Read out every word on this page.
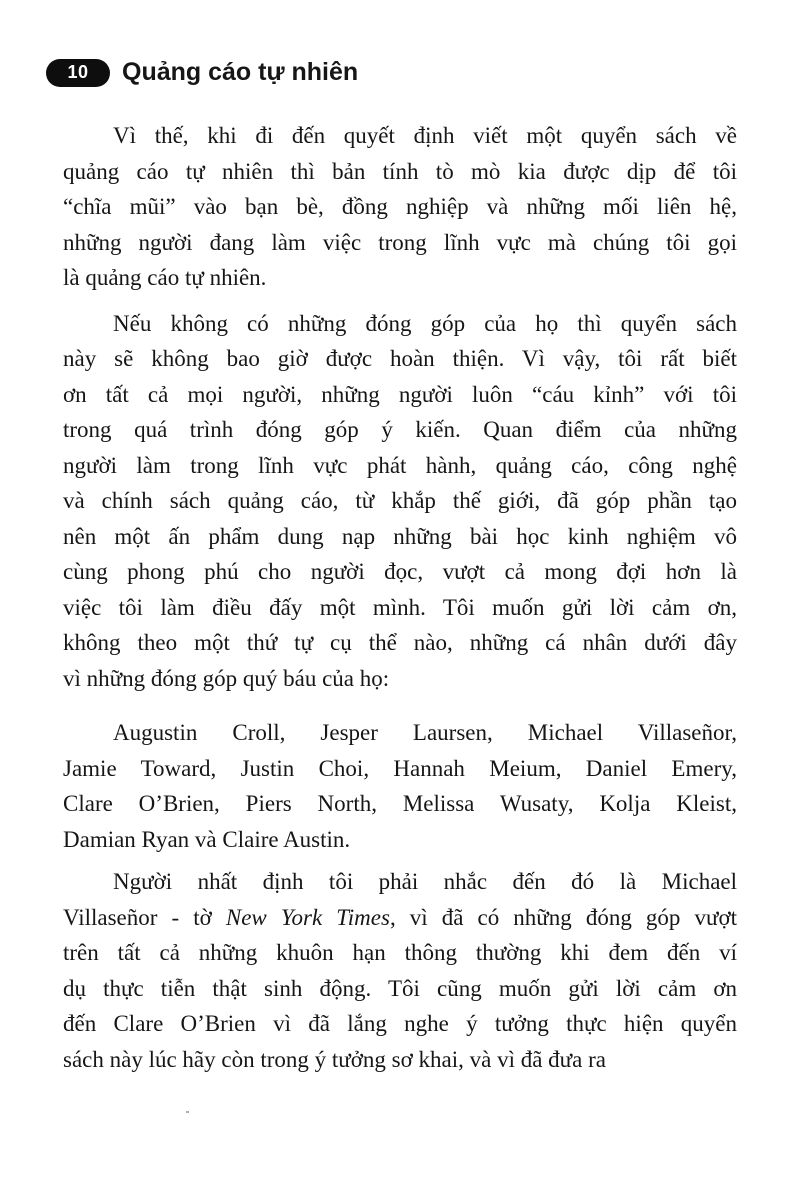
10	Quảng cáo tự nhiên
Vì thế, khi đi đến quyết định viết một quyển sách về
quảng cáo tự nhiên thì bản tính tò mò kia được dịp để tôi
“chĩa mũi” vào bạn bè, đồng nghiệp và những mối liên hệ,
những người đang làm việc trong lĩnh vực mà chúng tôi gọi
là quảng cáo tự nhiên.
Nếu không có những đóng góp của họ thì quyển sách
này sẽ không bao giờ được hoàn thiện. Vì vậy, tôi rất biết
ơn tất cả mọi người, những người luôn “cáu kỉnh” với tôi
trong quá trình đóng góp ý kiến. Quan điểm của những
người làm trong lĩnh vực phát hành, quảng cáo, công nghệ
và chính sách quảng cáo, từ khắp thế giới, đã góp phần tạo
nên một ấn phẩm dung nạp những bài học kinh nghiệm vô
cùng phong phú cho người đọc, vượt cả mong đợi hơn là
việc tôi làm điều đấy một mình. Tôi muốn gửi lời cảm ơn,
không theo một thứ tự cụ thể nào, những cá nhân dưới đây
vì những đóng góp quý báu của họ:
Augustin Croll, Jesper Laursen, Michael Villaseñor,
Jamie Toward, Justin Choi, Hannah Meium, Daniel Emery,
Clare O’Brien, Piers North, Melissa Wusaty, Kolja Kleist,
Damian Ryan và Claire Austin.
Người nhất định tôi phải nhắc đến đó là Michael
Villaseñor - tờ New York Times, vì đã có những đóng góp vượt
trên tất cả những khuôn hạn thông thường khi đem đến ví
dụ thực tiễn thật sinh động. Tôi cũng muốn gửi lời cảm ơn
đến Clare O’Brien vì đã lắng nghe ý tưởng thực hiện quyển
sách này lúc hãy còn trong ý tưởng sơ khai, và vì đã đưa ra
